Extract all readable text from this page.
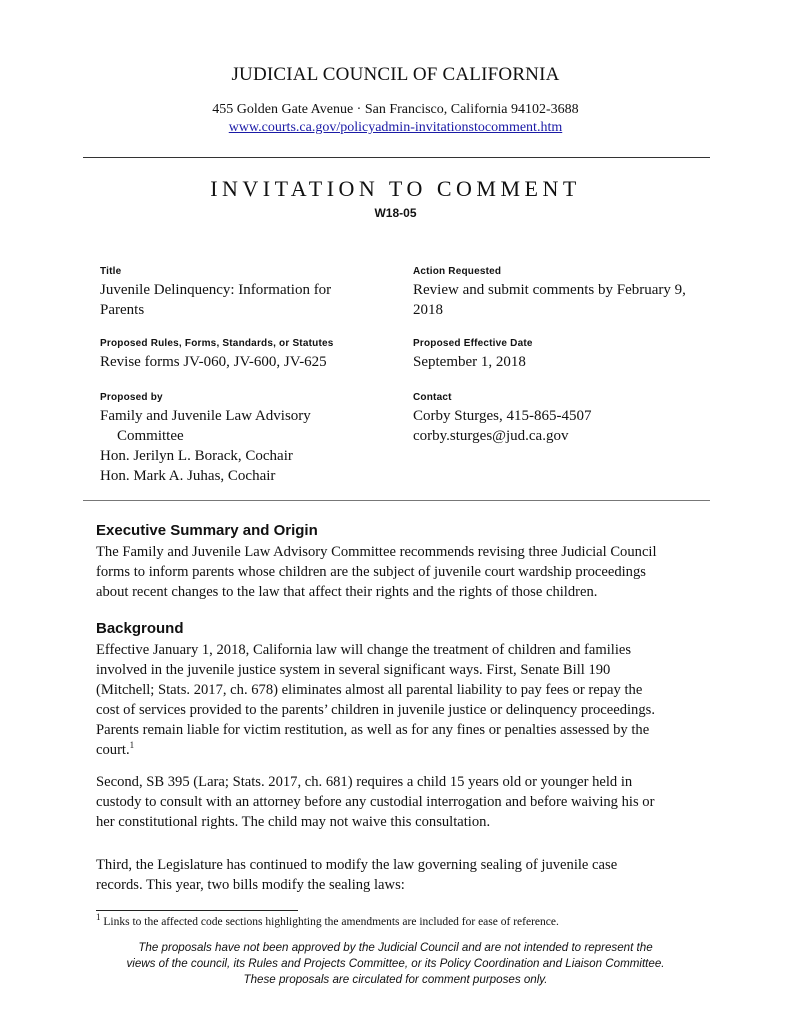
JUDICIAL COUNCIL OF CALIFORNIA
455 Golden Gate Avenue · San Francisco, California 94102-3688
www.courts.ca.gov/policyadmin-invitationstocomment.htm
INVITATION TO COMMENT
W18-05
Title
Juvenile Delinquency: Information for
Parents
Proposed Rules, Forms, Standards, or Statutes
Revise forms JV-060, JV-600, JV-625
Proposed by
Family and Juvenile Law Advisory
Committee
Hon. Jerilyn L. Borack, Cochair
Hon. Mark A. Juhas, Cochair
Action Requested
Review and submit comments by February 9,
2018
Proposed Effective Date
September 1, 2018
Contact
Corby Sturges, 415-865-4507
corby.sturges@jud.ca.gov
Executive Summary and Origin
The Family and Juvenile Law Advisory Committee recommends revising three Judicial Council
forms to inform parents whose children are the subject of juvenile court wardship proceedings
about recent changes to the law that affect their rights and the rights of those children.
Background
Effective January 1, 2018, California law will change the treatment of children and families
involved in the juvenile justice system in several significant ways. First, Senate Bill 190
(Mitchell; Stats. 2017, ch. 678) eliminates almost all parental liability to pay fees or repay the
cost of services provided to the parents’ children in juvenile justice or delinquency proceedings.
Parents remain liable for victim restitution, as well as for any fines or penalties assessed by the
court.$^1$
Second, SB 395 (Lara; Stats. 2017, ch. 681) requires a child 15 years old or younger held in
custody to consult with an attorney before any custodial interrogation and before waiving his or
her constitutional rights. The child may not waive this consultation.
Third, the Legislature has continued to modify the law governing sealing of juvenile case
records. This year, two bills modify the sealing laws:
$^1$ Links to the affected code sections highlighting the amendments are included for ease of reference.
The proposals have not been approved by the Judicial Council and are not intended to represent the
views of the council, its Rules and Projects Committee, or its Policy Coordination and Liaison Committee.
These proposals are circulated for comment purposes only.
